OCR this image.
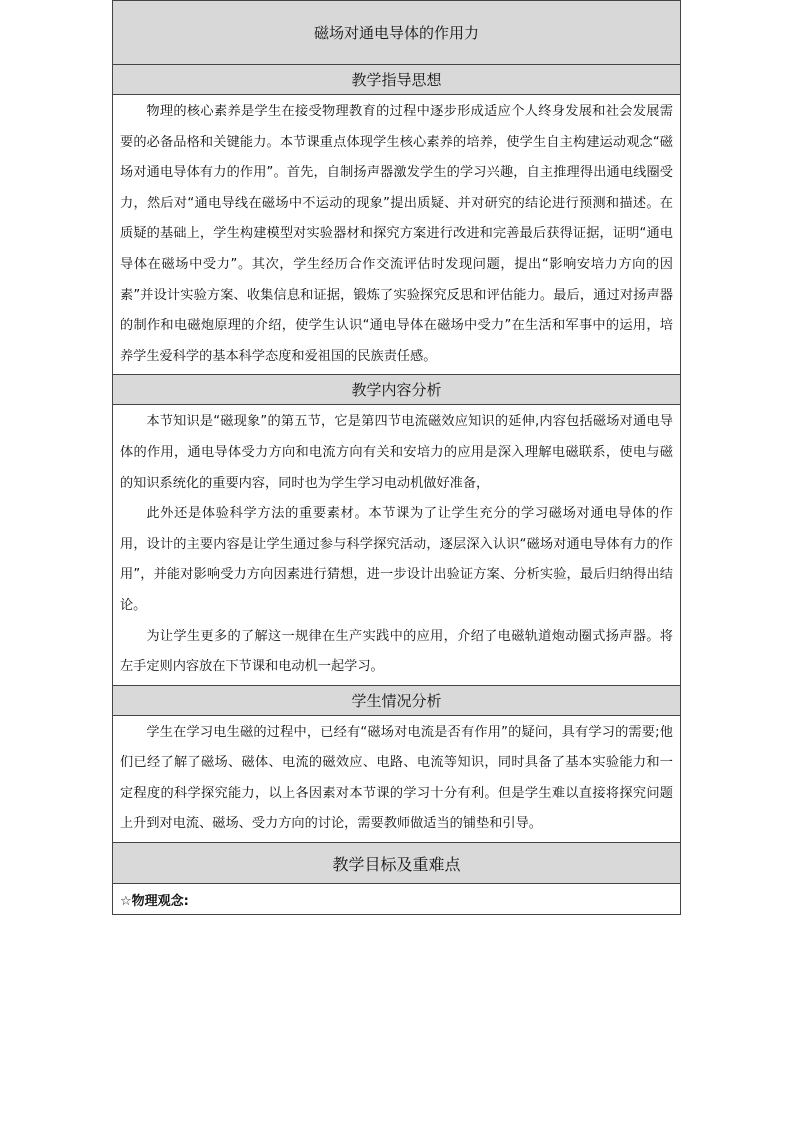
磁场对通电导体的作用力
教学指导思想

物理的核心素养是学生在接受物理教育的过程中逐步形成适应个人终身发展和社会发展需要的必备品格和关键能力。本节课重点体现学生核心素养的培养，使学生自主构建运动观念“磁场对通电导体有力的作用”。首先，自制扬声器激发学生的学习兴趣，自主推理得出通电线圈受力，然后对“通电导线在磁场中不运动的现象”提出质疑、并对研究的结论进行预测和描述。在质疑的基础上，学生构建模型对实验器材和探究方案进行改进和完善最后获得证据，证明“通电导体在磁场中受力”。其次，学生经历合作交流评估时发现问题，提出“影响安培力方向的因素”并设计实验方案、收集信息和证据，锻炼了实验探究反思和评估能力。最后，通过对扬声器的制作和电磁炮原理的介绍，使学生认识“通电导体在磁场中受力”在生活和军事中的运用，培养学生爱科学的基本科学态度和爱祖国的民族责任感。

教学内容分析

本节知识是“磁现象”的第五节，它是第四节电流磁效应知识的延伸,内容包括磁场对通电导体的作用，通电导体受力方向和电流方向有关和安培力的应用是深入理解电磁联系，使电与磁的知识系统化的重要内容，同时也为学生学习电动机做好准备，

此外还是体验科学方法的重要素材。本节课为了让学生充分的学习磁场对通电导体的作用，设计的主要内容是让学生通过参与科学探究活动，逐层深入认识“磁场对通电导体有力的作用”，并能对影响受力方向因素进行猜想，进一步设计出验证方案、分析实验，最后归纳得出结论。

为让学生更多的了解这一规律在生产实践中的应用，介绍了电磁轨道炮动圈式扬声器。将左手定则内容放在下节课和电动机一起学习。

学生情况分析

学生在学习电生磁的过程中，已经有“磁场对电流是否有作用”的疑问，具有学习的需要;他们已经了解了磁场、磁体、电流的磁效应、电路、电流等知识，同时具备了基本实验能力和一定程度的科学探究能力，以上各因素对本节课的学习十分有利。但是学生难以直接将探究问题上升到对电流、磁场、受力方向的讨论，需要教师做适当的铺垫和引导。

教学目标及重难点
☆物理观念:
